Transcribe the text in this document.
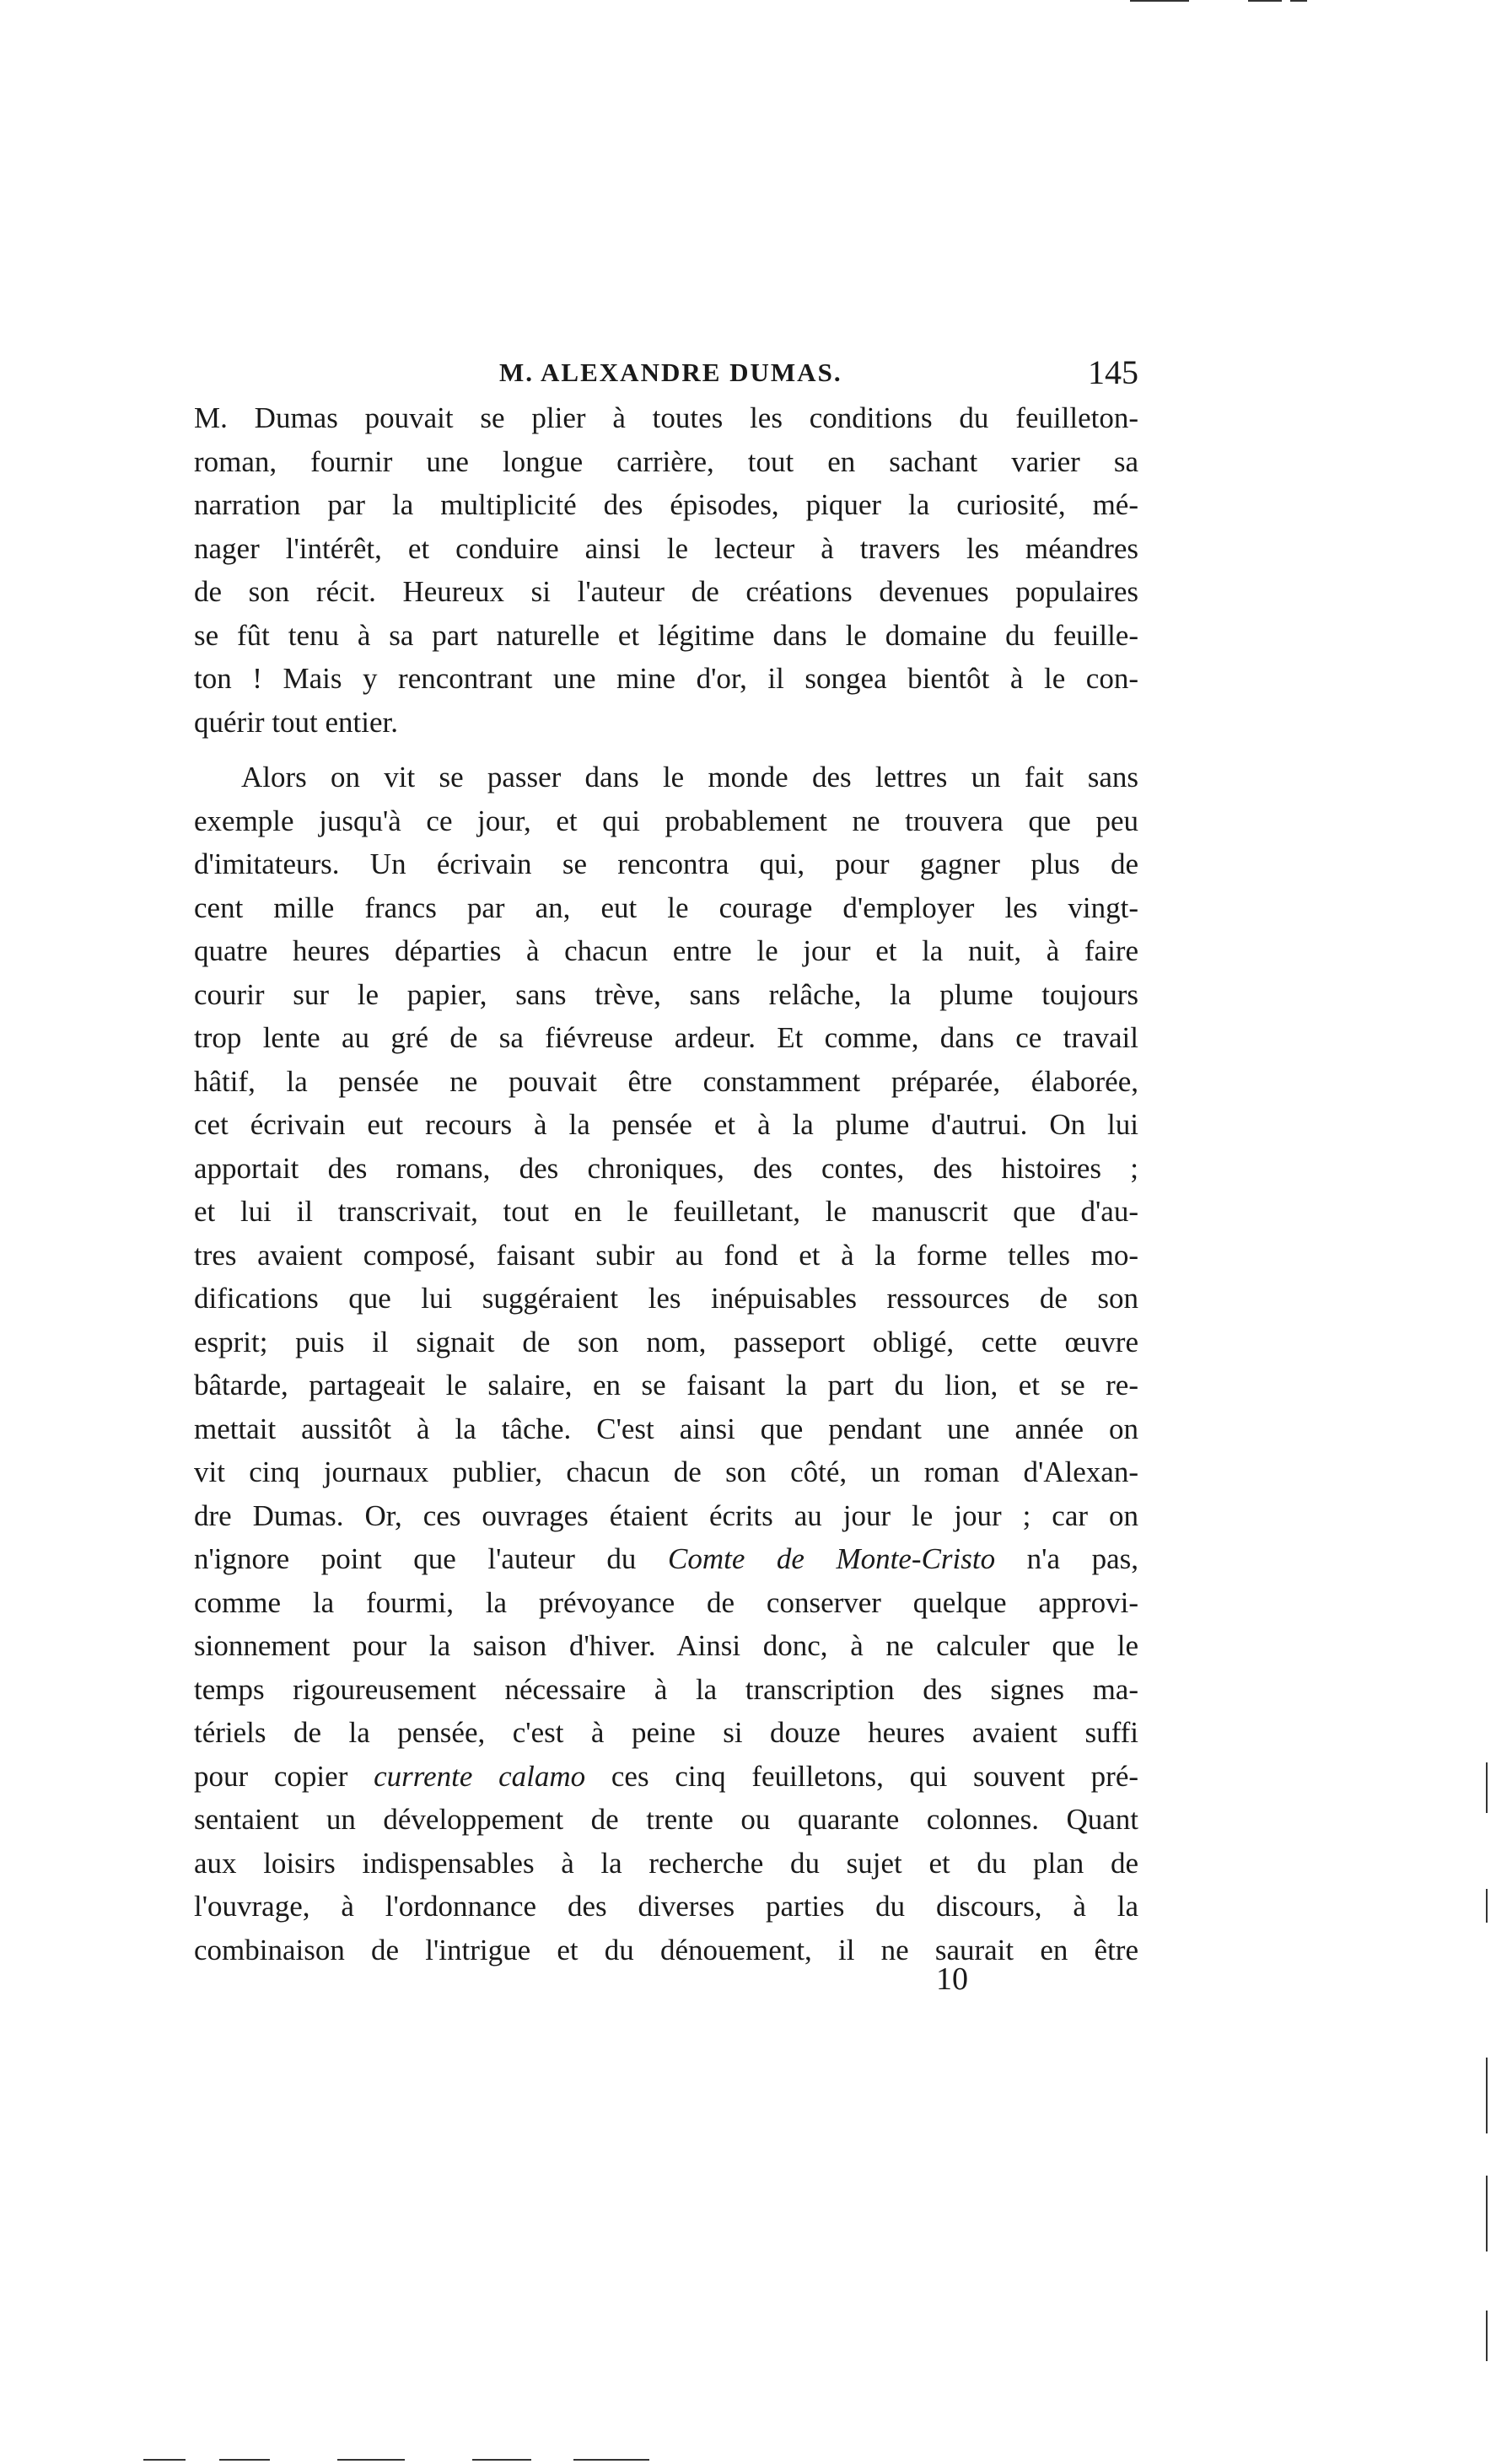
M. ALEXANDRE DUMAS.	145
M. Dumas pouvait se plier à toutes les conditions du feuilleton-
roman, fournir une longue carrière, tout en sachant varier sa
narration par la multiplicité des épisodes, piquer la curiosité, mé-
nager l'intérêt, et conduire ainsi le lecteur à travers les méandres
de son récit. Heureux si l'auteur de créations devenues populaires
se fût tenu à sa part naturelle et légitime dans le domaine du feuille-
ton ! Mais y rencontrant une mine d'or, il songea bientôt à le con-
quérir tout entier.
Alors on vit se passer dans le monde des lettres un fait sans
exemple jusqu'à ce jour, et qui probablement ne trouvera que peu
d'imitateurs. Un écrivain se rencontra qui, pour gagner plus de
cent mille francs par an, eut le courage d'employer les vingt-
quatre heures départies à chacun entre le jour et la nuit, à faire
courir sur le papier, sans trève, sans relâche, la plume toujours
trop lente au gré de sa fiévreuse ardeur. Et comme, dans ce travail
hâtif, la pensée ne pouvait être constamment préparée, élaborée,
cet écrivain eut recours à la pensée et à la plume d'autrui. On lui
apportait des romans, des chroniques, des contes, des histoires ;
et lui il transcrivait, tout en le feuilletant, le manuscrit que d'au-
tres avaient composé, faisant subir au fond et à la forme telles mo-
difications que lui suggéraient les inépuisables ressources de son
esprit; puis il signait de son nom, passeport obligé, cette œuvre
bâtarde, partageait le salaire, en se faisant la part du lion, et se re-
mettait aussitôt à la tâche. C'est ainsi que pendant une année on
vit cinq journaux publier, chacun de son côté, un roman d'Alexan-
dre Dumas. Or, ces ouvrages étaient écrits au jour le jour ; car on
n'ignore point que l'auteur du Comte de Monte-Cristo n'a pas,
comme la fourmi, la prévoyance de conserver quelque approvi-
sionnement pour la saison d'hiver. Ainsi donc, à ne calculer que le
temps rigoureusement nécessaire à la transcription des signes ma-
tériels de la pensée, c'est à peine si douze heures avaient suffi
pour copier currente calamo ces cinq feuilletons, qui souvent pré-
sentaient un développement de trente ou quarante colonnes. Quant
aux loisirs indispensables à la recherche du sujet et du plan de
l'ouvrage, à l'ordonnance des diverses parties du discours, à la
combinaison de l'intrigue et du dénouement, il ne saurait en être
10
